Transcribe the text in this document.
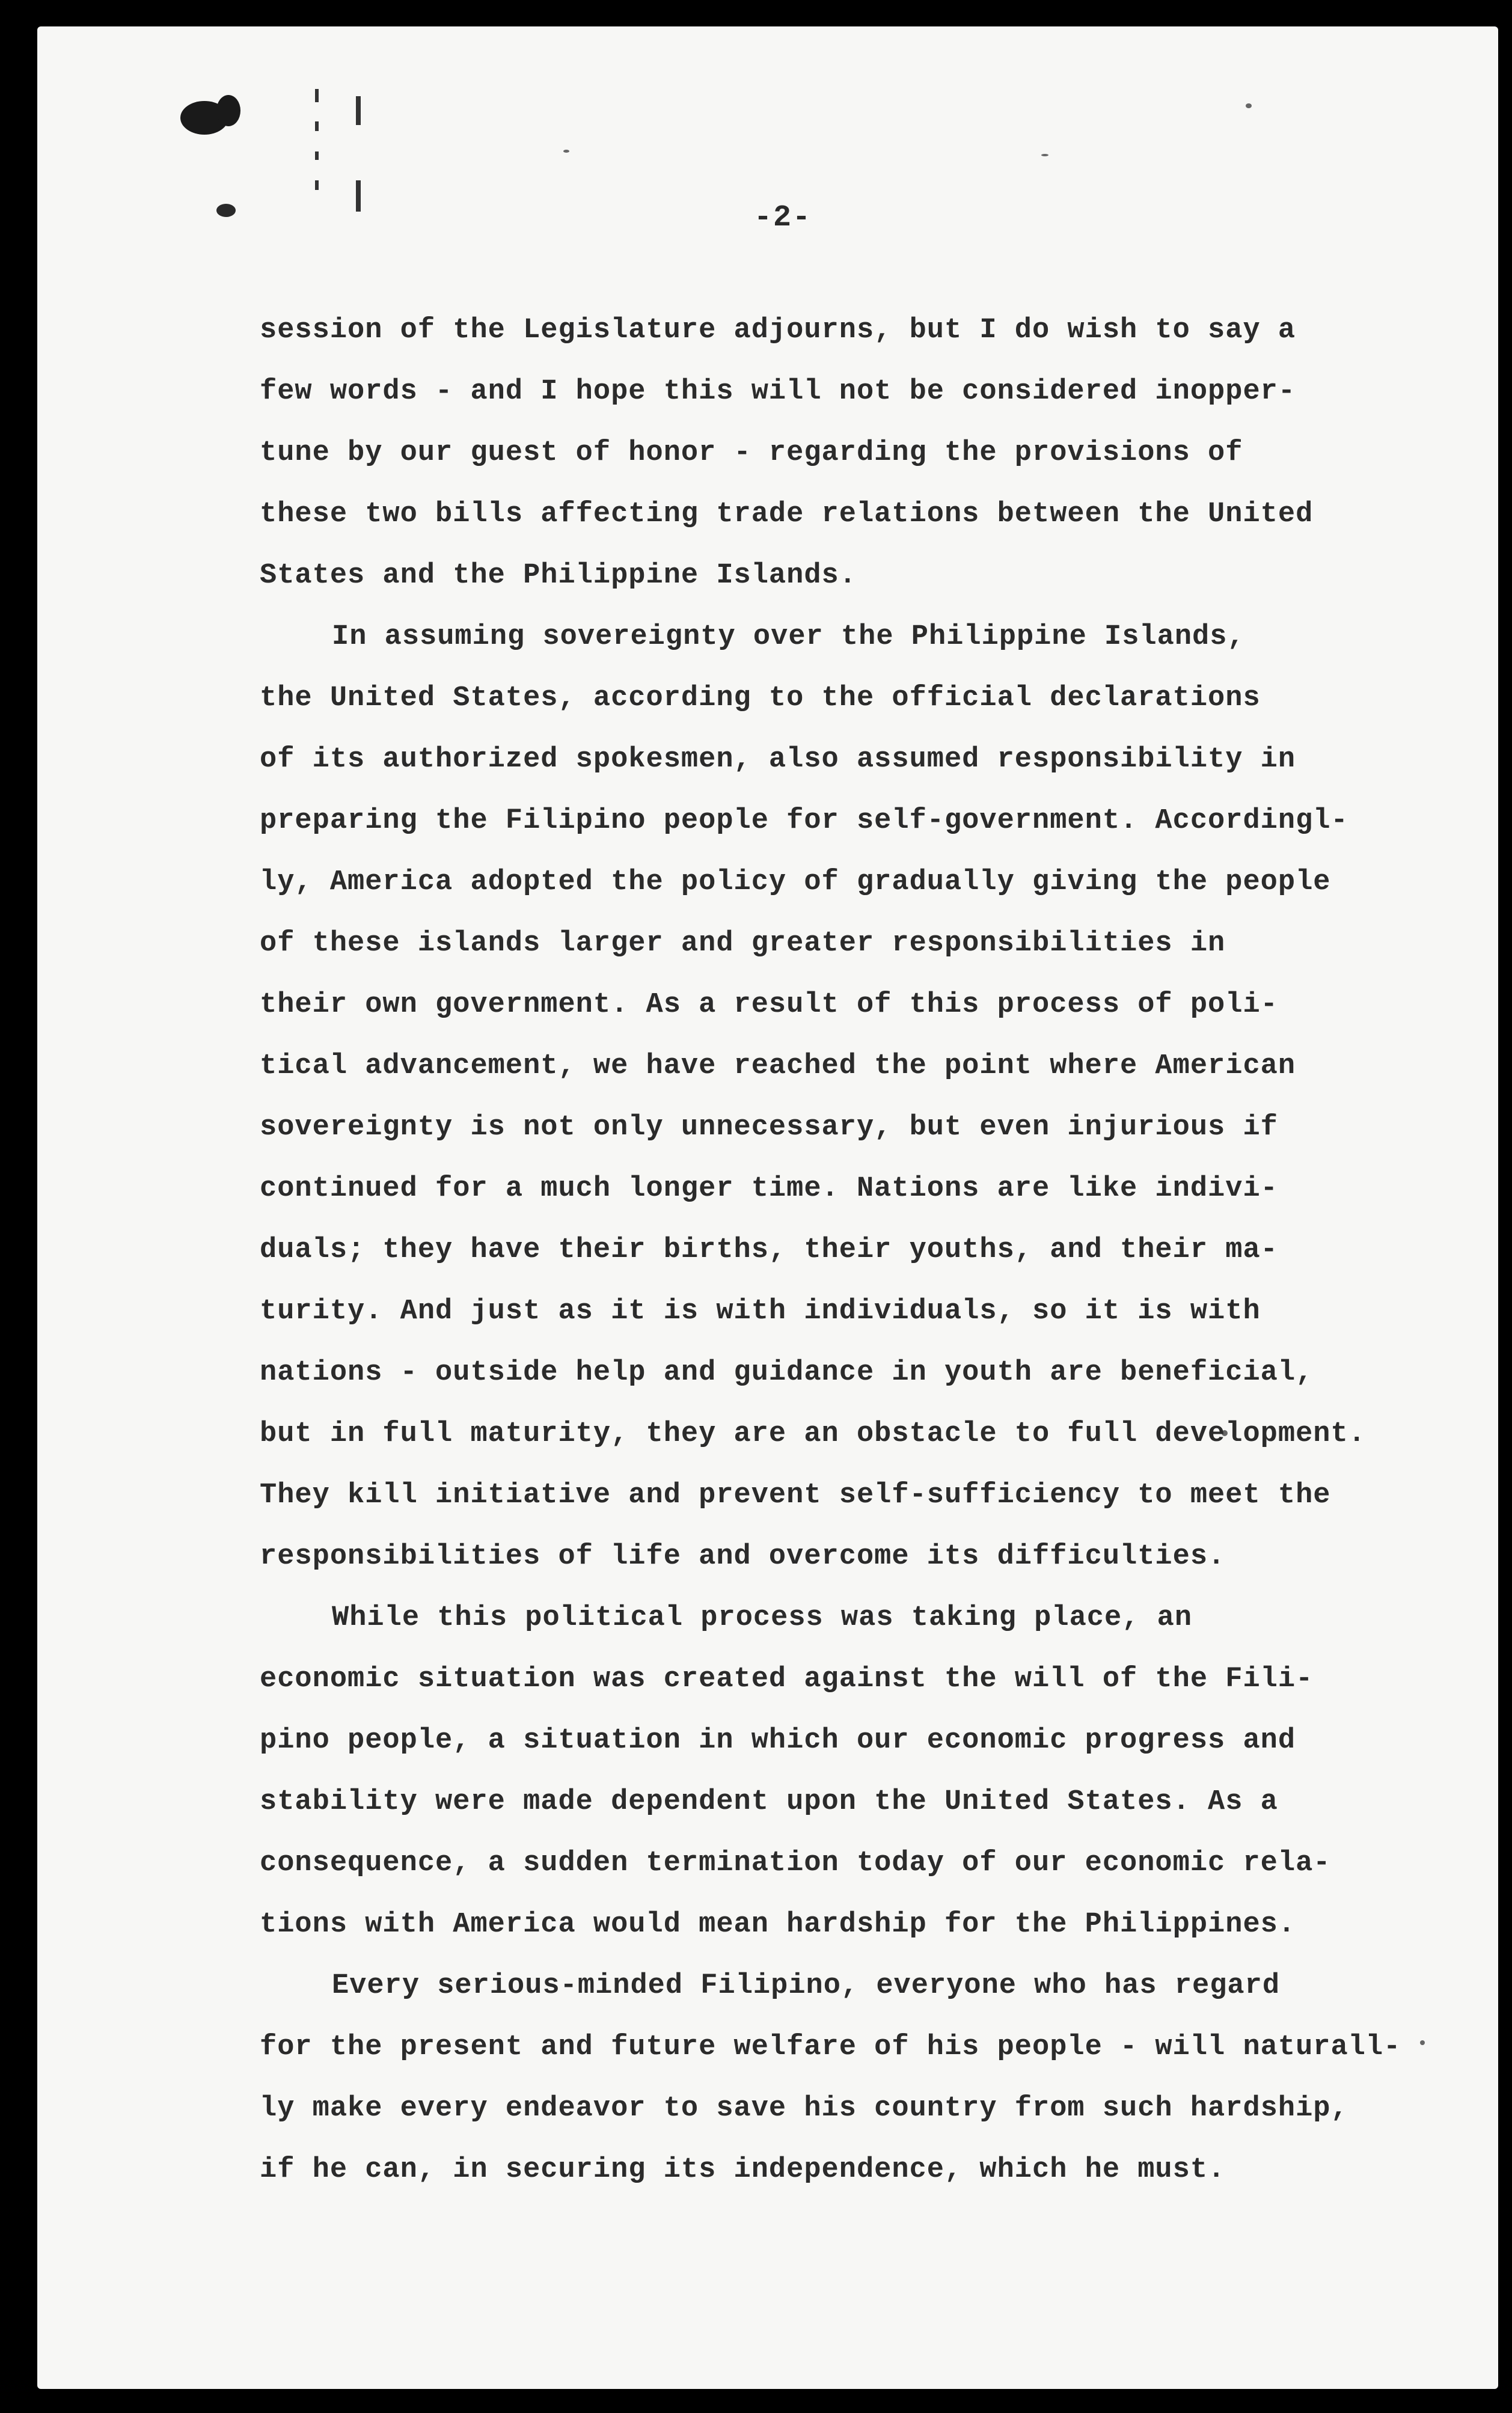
-2-
session of the Legislature adjourns, but I do wish to say a
few words - and I hope this will not be considered inopper-
tune by our guest of honor - regarding the provisions of
these two bills affecting trade relations between the United
States and the Philippine Islands.
In assuming sovereignty over the Philippine Islands,
the United States, according to the official declarations
of its authorized spokesmen, also assumed responsibility in
preparing the Filipino people for self-government. Accordingl-
ly, America adopted the policy of gradually giving the people
of these islands larger and greater responsibilities in
their own government. As a result of this process of poli-
tical advancement, we have reached the point where American
sovereignty is not only unnecessary, but even injurious if
continued for a much longer time. Nations are like indivi-
duals; they have their births, their youths, and their ma-
turity. And just as it is with individuals, so it is with
nations - outside help and guidance in youth are beneficial,
but in full maturity, they are an obstacle to full development.
They kill initiative and prevent self-sufficiency to meet the
responsibilities of life and overcome its difficulties.
While this political process was taking place, an
economic situation was created against the will of the Fili-
pino people, a situation in which our economic progress and
stability were made dependent upon the United States. As a
consequence, a sudden termination today of our economic rela-
tions with America would mean hardship for the Philippines.
Every serious-minded Filipino, everyone who has regard
for the present and future welfare of his people - will naturall-
ly make every endeavor to save his country from such hardship,
if he can, in securing its independence, which he must.
